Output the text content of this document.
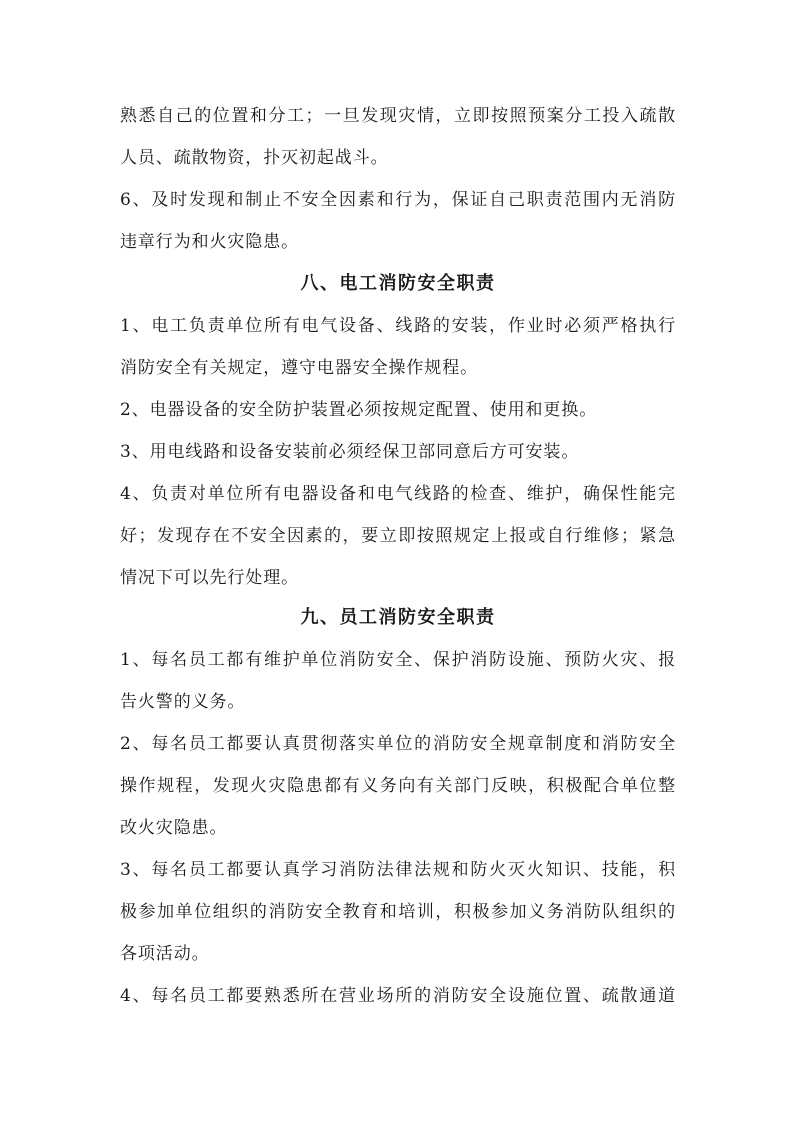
熟悉自己的位置和分工；一旦发现灾情，立即按照预案分工投入疏散
人员、疏散物资，扑灭初起战斗。
6、及时发现和制止不安全因素和行为，保证自己职责范围内无消防
违章行为和火灾隐患。
八、电工消防安全职责
1、电工负责单位所有电气设备、线路的安装，作业时必须严格执行
消防安全有关规定，遵守电器安全操作规程。
2、电器设备的安全防护装置必须按规定配置、使用和更换。
3、用电线路和设备安装前必须经保卫部同意后方可安装。
4、负责对单位所有电器设备和电气线路的检查、维护，确保性能完
好；发现存在不安全因素的，要立即按照规定上报或自行维修；紧急
情况下可以先行处理。
九、员工消防安全职责
1、每名员工都有维护单位消防安全、保护消防设施、预防火灾、报
告火警的义务。
2、每名员工都要认真贯彻落实单位的消防安全规章制度和消防安全
操作规程，发现火灾隐患都有义务向有关部门反映，积极配合单位整
改火灾隐患。
3、每名员工都要认真学习消防法律法规和防火灭火知识、技能，积
极参加单位组织的消防安全教育和培训，积极参加义务消防队组织的
各项活动。
4、每名员工都要熟悉所在营业场所的消防安全设施位置、疏散通道
